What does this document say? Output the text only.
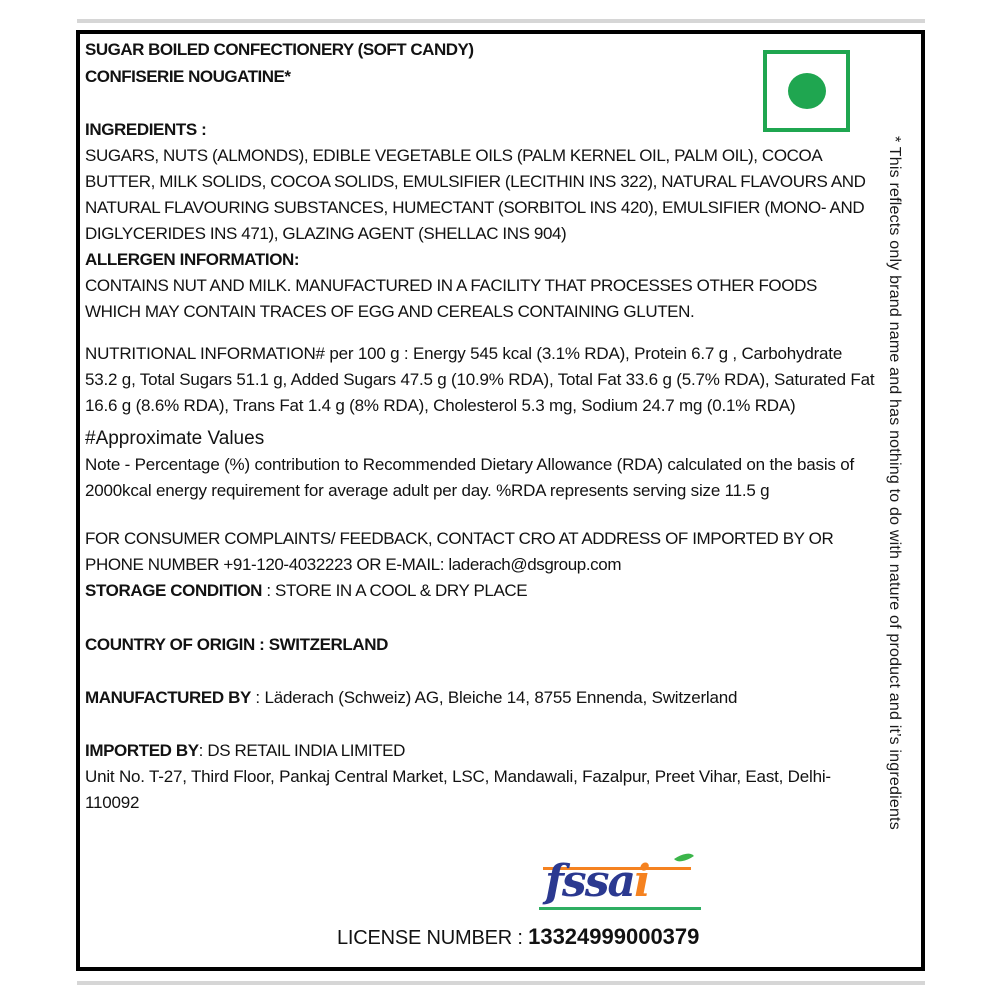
SUGAR BOILED CONFECTIONERY (SOFT CANDY)

CONFISERIE NOUGATINE*

INGREDIENTS :

SUGARS, NUTS (ALMONDS), EDIBLE VEGETABLE OILS (PALM KERNEL OIL, PALM OIL), COCOA BUTTER, MILK SOLIDS, COCOA SOLIDS, EMULSIFIER (LECITHIN INS 322), NATURAL FLAVOURS AND NATURAL FLAVOURING SUBSTANCES, HUMECTANT (SORBITOL INS 420), EMULSIFIER (MONO- AND DIGLYCERIDES INS 471), GLAZING AGENT (SHELLAC INS 904)

ALLERGEN INFORMATION:

CONTAINS NUT AND MILK. MANUFACTURED IN A FACILITY THAT PROCESSES OTHER FOODS WHICH MAY CONTAIN TRACES OF EGG AND CEREALS CONTAINING GLUTEN.

NUTRITIONAL INFORMATION# per 100 g : Energy 545 kcal (3.1% RDA), Protein 6.7 g , Carbohydrate 53.2 g, Total Sugars 51.1 g, Added Sugars 47.5 g (10.9% RDA), Total Fat 33.6 g (5.7% RDA), Saturated Fat 16.6 g (8.6% RDA), Trans Fat 1.4 g (8% RDA), Cholesterol 5.3 mg, Sodium 24.7 mg (0.1% RDA)

#Approximate Values

Note - Percentage (%) contribution to Recommended Dietary Allowance (RDA) calculated on the basis of 2000kcal energy requirement for average adult per day. %RDA represents serving size 11.5 g

FOR CONSUMER COMPLAINTS/ FEEDBACK, CONTACT CRO AT ADDRESS OF IMPORTED BY OR PHONE NUMBER +91-120-4032223 OR E-MAIL: laderach@dsgroup.com

STORAGE CONDITION : STORE IN A COOL & DRY PLACE

COUNTRY OF ORIGIN : SWITZERLAND

MANUFACTURED BY : Läderach (Schweiz) AG, Bleiche 14, 8755 Ennenda, Switzerland

IMPORTED BY: DS RETAIL INDIA LIMITED

Unit No. T-27, Third Floor, Pankaj Central Market, LSC, Mandawali, Fazalpur, Preet Vihar, East, Delhi-110092	* This reflects only brand name and has nothing to do with nature of product and it’s ingredients
fssai
LICENSE NUMBER : 13324999000379
